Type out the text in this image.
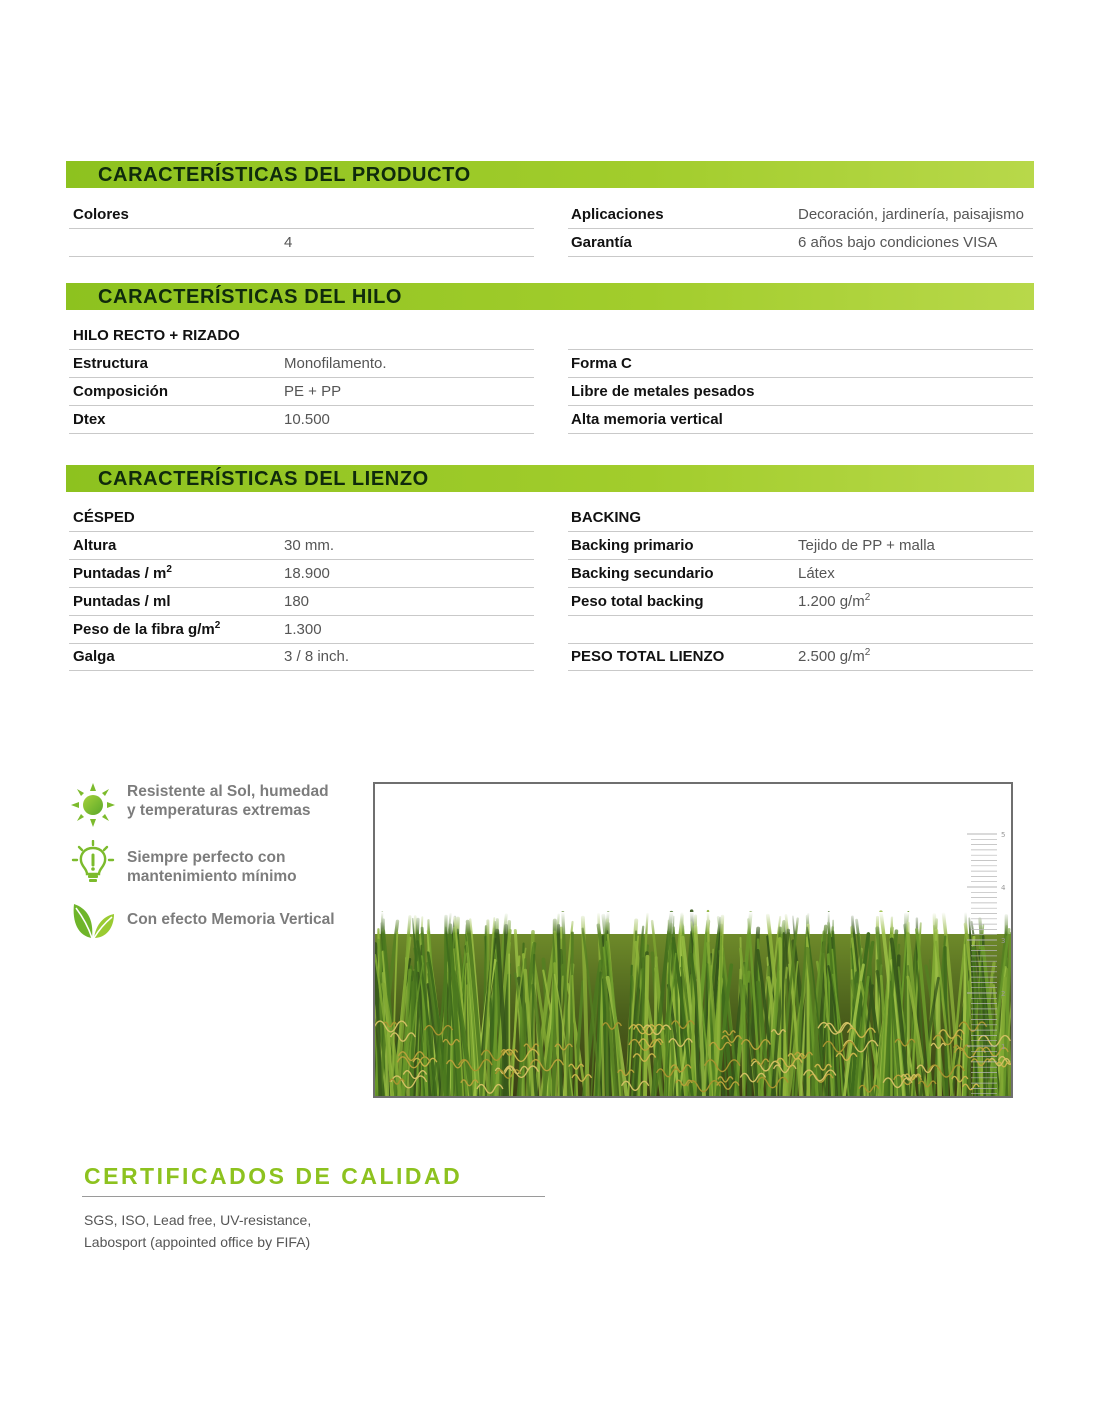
CARACTERÍSTICAS DEL PRODUCTO
Colores
4
Aplicaciones	Decoración, jardinería, paisajismo
Garantía	6 años bajo condiciones VISA
CARACTERÍSTICAS DEL HILO
HILO RECTO + RIZADO
Estructura	Monofilamento.
Composición	PE + PP
Dtex	10.500
Forma C
Libre de metales pesados
Alta memoria vertical
CARACTERÍSTICAS DEL LIENZO
CÉSPED
Altura	30 mm.
Puntadas / $m^2$	18.900
Puntadas / ml	180
Peso de la fibra $g/m^2$	1.300
Galga	3 / 8 inch.
BACKING
Backing primario	Tejido de PP + malla
Backing secundario	Látex
Peso total backing	1.200 $g/m^2$
PESO TOTAL LIENZO	2.500 $g/m^2$
Resistente al Sol, humedad
y temperaturas extremas
Siempre perfecto con
mantenimiento mínimo
Con efecto Memoria Vertical
5
4
3
2
1
CERTIFICADOS DE CALIDAD
SGS, ISO, Lead free, UV-resistance,
Labosport (appointed office by FIFA)
